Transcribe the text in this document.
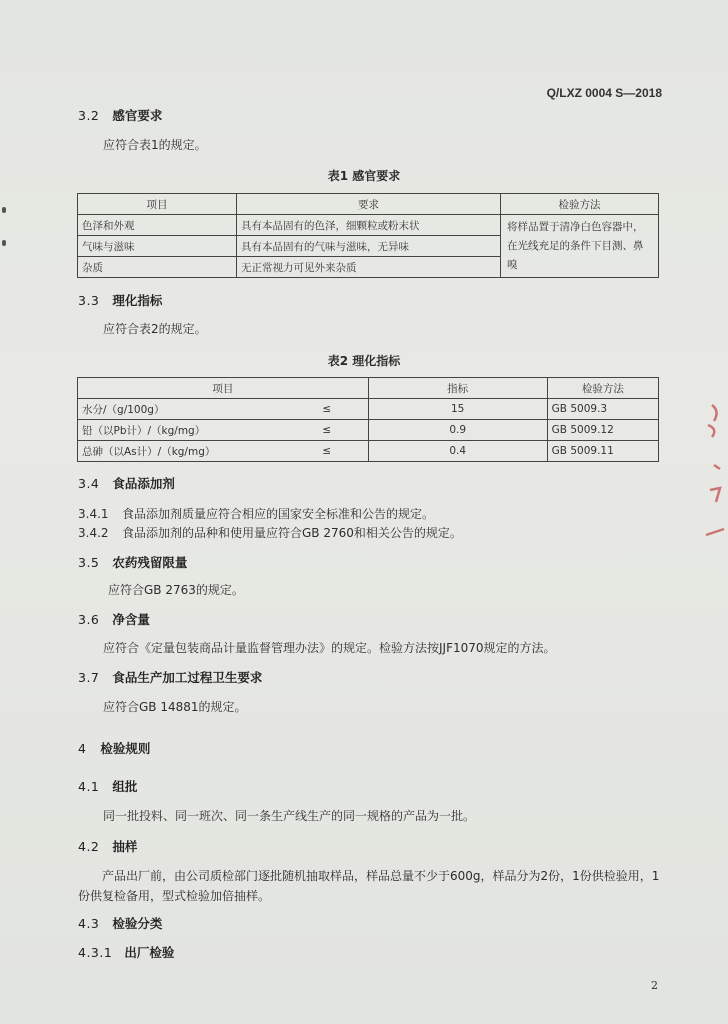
Q/LXZ 0004 S—2018
3.2 感官要求
应符合表1的规定。
表1 感官要求
项目	要求	检验方法
色泽和外观	具有本品固有的色泽，细颗粒或粉末状	将样品置于清净白色容器中，在光线充足的条件下目测、鼻嗅
气味与滋味	具有本品固有的气味与滋味，无异味	
杂质	无正常视力可见外来杂质	
3.3 理化指标
应符合表2的规定。
表2 理化指标
项目		指标	检验方法
水分/（g/100g）	≤	15	GB 5009.3
铅（以Pb计）/（kg/mg）	≤	0.9	GB 5009.12
总砷（以As计）/（kg/mg）	≤	0.4	GB 5009.11
3.4 食品添加剂
3.4.1 食品添加剂质量应符合相应的国家安全标准和公告的规定。
3.4.2 食品添加剂的品种和使用量应符合GB 2760和相关公告的规定。
3.5 农药残留限量
应符合GB 2763的规定。
3.6 净含量
应符合《定量包装商品计量监督管理办法》的规定。检验方法按JJF1070规定的方法。
3.7 食品生产加工过程卫生要求
应符合GB 14881的规定。
4 检验规则
4.1 组批
同一批投料、同一班次、同一条生产线生产的同一规格的产品为一批。
4.2 抽样
产品出厂前，由公司质检部门逐批随机抽取样品，样品总量不少于600g，样品分为2份，1份供检验用，1份供复检备用，型式检验加倍抽样。
4.3 检验分类
4.3.1 出厂检验
2
